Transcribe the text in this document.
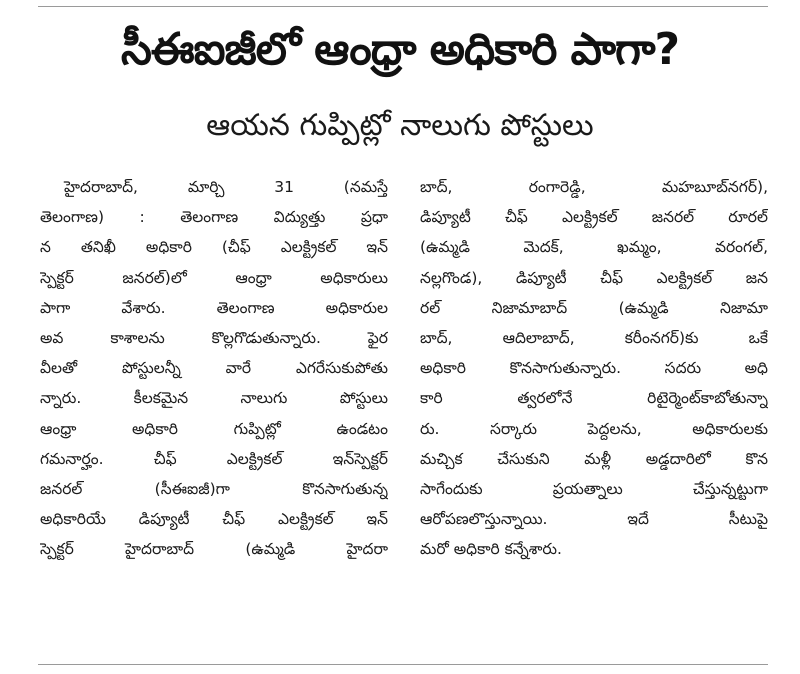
సీఈఐజీలో ఆంధ్రా అధికారి పాగా?
ఆయన గుప్పిట్లో నాలుగు పోస్టులు
హైదరాబాద్, మార్చి 31 (నమస్తే
తెలంగాణ) : తెలంగాణ విద్యుత్తు ప్రధా
న తనిఖీ అధికారి (చీఫ్ ఎలక్ట్రికల్ ఇన్
స్పెక్టర్ జనరల్)లో ఆంధ్రా అధికారులు
పాగా వేశారు. తెలంగాణ అధికారుల
అవ కాశాలను కొల్లగొడుతున్నారు. ఫైర
వీలతో పోస్టులన్నీ వారే ఎగరేసుకుపోతు
న్నారు. కీలకమైన నాలుగు పోస్టులు
ఆంధ్రా అధికారి గుప్పిట్లో ఉండటం
గమనార్హం. చీఫ్ ఎలక్ట్రికల్ ఇన్‌స్పెక్టర్
జనరల్ (సీఈఐజీ)గా కొనసాగుతున్న
అధికారియే డిప్యూటీ చీఫ్ ఎలక్ట్రికల్ ఇన్
స్పెక్టర్ హైదరాబాద్ (ఉమ్మడి హైదరా
బాద్, రంగారెడ్డి, మహబూబ్‌నగర్),
డిప్యూటీ చీఫ్ ఎలక్ట్రికల్ జనరల్ రూరల్
(ఉమ్మడి మెదక్, ఖమ్మం, వరంగల్,
నల్లగొండ), డిప్యూటీ చీఫ్ ఎలక్ట్రికల్ జన
రల్ నిజామాబాద్ (ఉమ్మడి నిజామా
బాద్, ఆదిలాబాద్, కరీంనగర్)కు ఒకే
అధికారి కొనసాగుతున్నారు. సదరు అధి
కారి త్వరలోనే రిటైర్మెంట్‌కాబోతున్నా
రు. సర్కారు పెద్దలను, అధికారులకు
మచ్చిక చేసుకుని మళ్లీ అడ్డదారిలో కొన
సాగేందుకు ప్రయత్నాలు చేస్తున్నట్టుగా
ఆరోపణలొస్తున్నాయి. ఇదే సీటుపై
మరో అధికారి కన్నేశారు.
